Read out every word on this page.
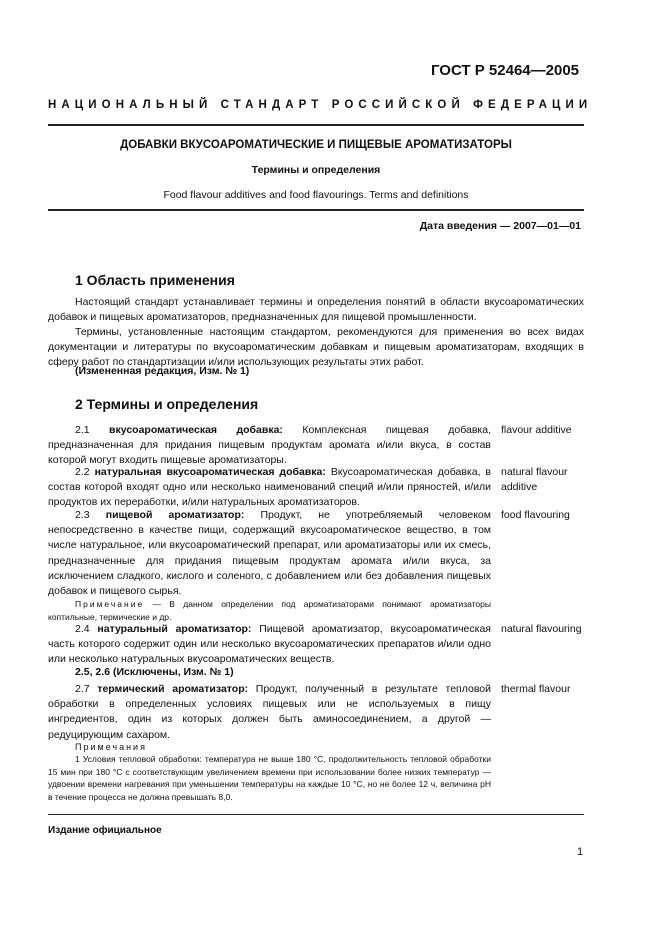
ГОСТ Р 52464—2005
НАЦИОНАЛЬНЫЙ СТАНДАРТ РОССИЙСКОЙ ФЕДЕРАЦИИ
ДОБАВКИ ВКУСОАРОМАТИЧЕСКИЕ И ПИЩЕВЫЕ АРОМАТИЗАТОРЫ
Термины и определения
Food flavour additives and food flavourings. Terms and definitions
Дата введения — 2007—01—01
1 Область применения

Настоящий стандарт устанавливает термины и определения понятий в области вкусоароматических добавок и пищевых ароматизаторов, предназначенных для пищевой промышленности.

Термины, установленные настоящим стандартом, рекомендуются для применения во всех видах документации и литературы по вкусоароматическим добавкам и пищевым ароматизаторам, входящих в сферу работ по стандартизации и/или использующих результаты этих работ.

(Измененная редакция, Изм. № 1)

2 Термины и определения

2.1 вкусоароматическая добавка: Комплексная пищевая добавка, предназначенная для придания пищевым продуктам аромата и/или вкуса, в состав которой могут входить пищевые ароматизаторы.

flavour additive

2.2 натуральная вкусоароматическая добавка: Вкусоароматическая добавка, в состав которой входят одно или несколько наименований специй и/или пряностей, и/или продуктов их переработки, и/или натуральных ароматизаторов.

natural flavour additive

2.3 пищевой ароматизатор: Продукт, не употребляемый человеком непосредственно в качестве пищи, содержащий вкусоароматическое вещество, в том числе натуральное, или вкусоароматический препарат, или ароматизаторы или их смесь, предназначенные для придания пищевым продуктам аромата и/или вкуса, за исключением сладкого, кислого и соленого, с добавлением или без добавления пищевых добавок и пищевого сырья.

food flavouring

Примечание — В данном определении под ароматизаторами понимают ароматизаторы коптильные, термические и др.

2.4 натуральный ароматизатор: Пищевой ароматизатор, вкусоароматическая часть которого содержит один или несколько вкусоароматических препаратов и/или одно или несколько натуральных вкусоароматических веществ.

natural flavouring

2.5, 2.6 (Исключены, Изм. № 1)

2.7 термический ароматизатор: Продукт, полученный в результате тепловой обработки в определенных условиях пищевых или не используемых в пищу ингредиентов, один из которых должен быть аминосоединением, а другой — редуцирующим сахаром.

thermal flavour

Примечания

1 Условия тепловой обработки: температура не выше 180 °С, продолжительность тепловой обработки 15 мин при 180 °С с соответствующим увеличением времени при использовании более низких температур — удвоении времени нагревания при уменьшении температуры на каждые 10 °С, но не более 12 ч, величина рН в течение процесса не должна превышать 8,0.

Издание официальное
1
